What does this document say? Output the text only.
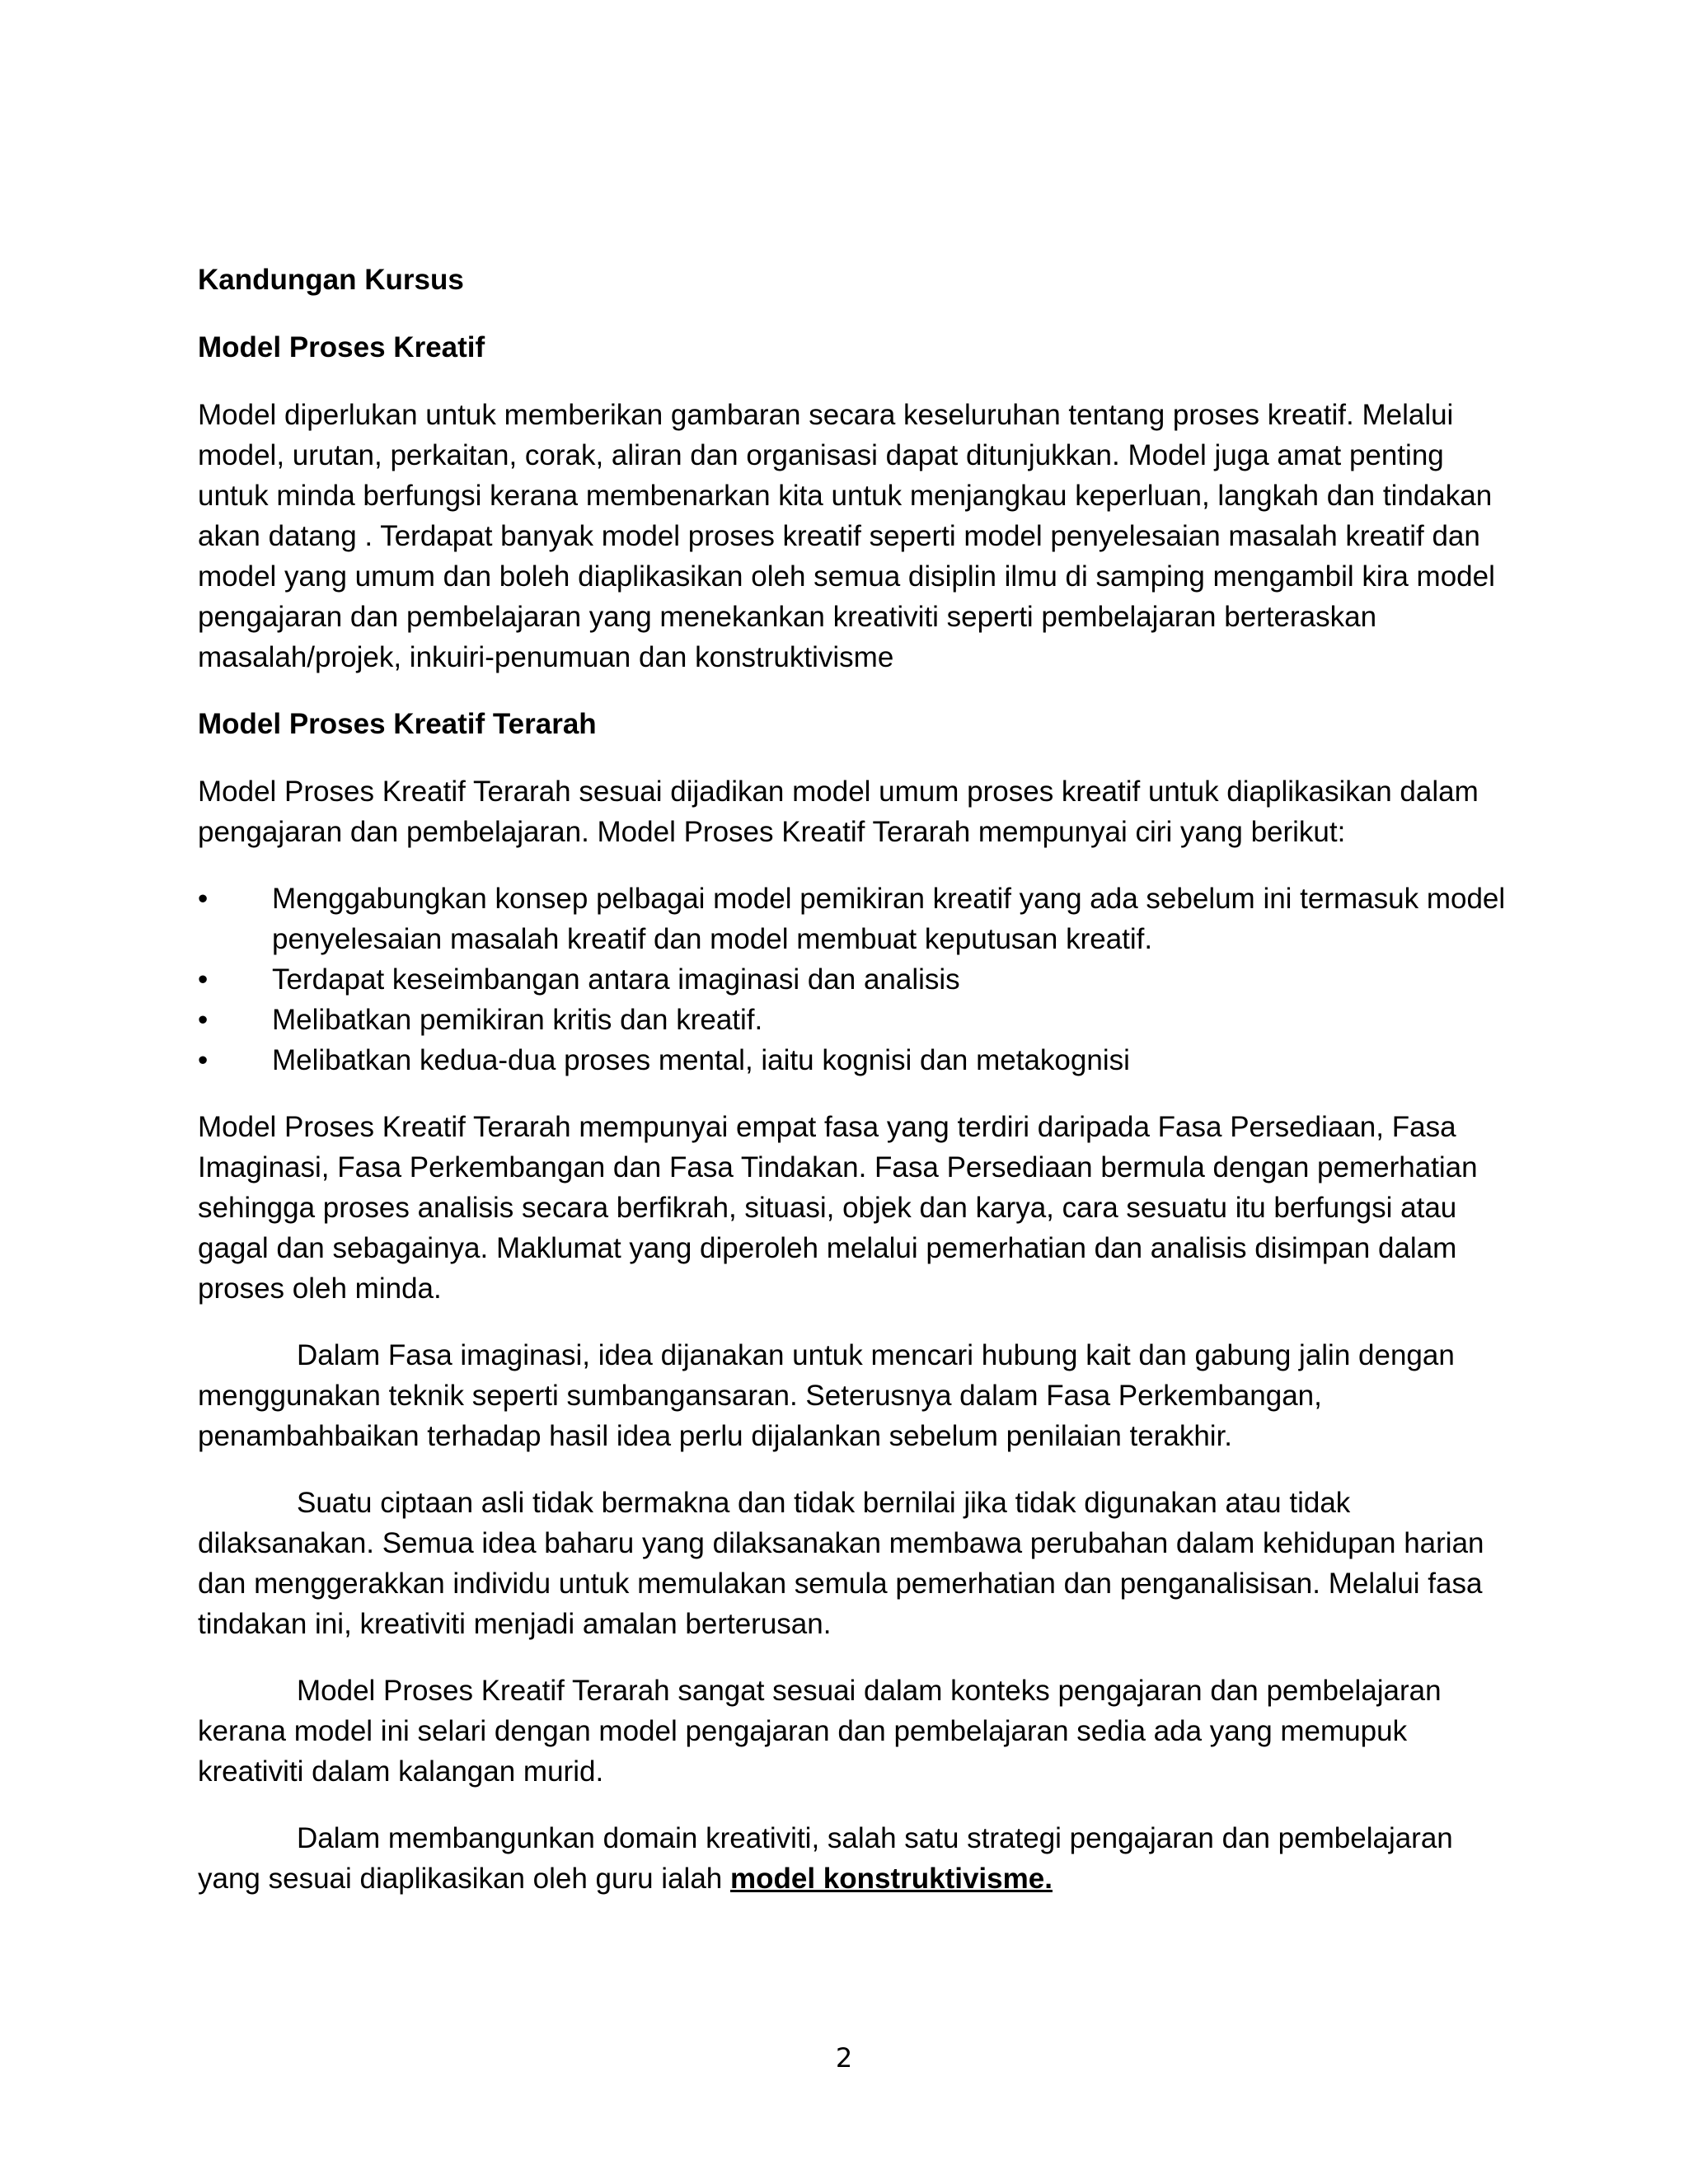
Kandungan Kursus
Model Proses Kreatif
Model diperlukan untuk memberikan gambaran secara keseluruhan tentang proses kreatif. Melalui model, urutan, perkaitan, corak, aliran dan organisasi dapat ditunjukkan. Model juga amat penting untuk minda berfungsi kerana membenarkan kita untuk menjangkau keperluan, langkah dan tindakan akan datang . Terdapat banyak model proses kreatif seperti model penyelesaian masalah kreatif dan model yang umum dan boleh diaplikasikan oleh semua disiplin ilmu di samping mengambil kira model pengajaran dan pembelajaran yang menekankan kreativiti seperti pembelajaran berteraskan masalah/projek, inkuiri-penumuan dan konstruktivisme
Model Proses Kreatif Terarah
Model Proses Kreatif Terarah sesuai dijadikan model umum proses kreatif untuk diaplikasikan dalam pengajaran dan pembelajaran. Model Proses Kreatif Terarah mempunyai ciri yang berikut:
•	Menggabungkan konsep pelbagai model pemikiran kreatif yang ada sebelum ini termasuk model penyelesaian masalah kreatif dan model membuat keputusan kreatif.
•	Terdapat keseimbangan antara imaginasi dan analisis
•	Melibatkan pemikiran kritis dan kreatif.
•	Melibatkan kedua-dua proses mental, iaitu kognisi dan metakognisi
Model Proses Kreatif Terarah mempunyai empat fasa yang terdiri daripada Fasa Persediaan, Fasa Imaginasi, Fasa Perkembangan dan Fasa Tindakan. Fasa Persediaan bermula dengan pemerhatian sehingga proses analisis secara berfikrah, situasi, objek dan karya, cara sesuatu itu berfungsi atau gagal dan sebagainya. Maklumat yang diperoleh melalui pemerhatian dan analisis disimpan dalam proses oleh minda.
Dalam Fasa imaginasi, idea dijanakan untuk mencari hubung kait dan gabung jalin dengan menggunakan teknik seperti sumbangansaran. Seterusnya dalam Fasa Perkembangan, penambahbaikan terhadap hasil idea perlu dijalankan sebelum penilaian terakhir.
Suatu ciptaan asli tidak bermakna dan tidak bernilai jika tidak digunakan atau tidak dilaksanakan. Semua idea baharu yang dilaksanakan membawa perubahan dalam kehidupan harian dan menggerakkan individu untuk memulakan semula pemerhatian dan penganalisisan. Melalui fasa tindakan ini, kreativiti menjadi amalan berterusan.
Model Proses Kreatif Terarah sangat sesuai dalam konteks pengajaran dan pembelajaran kerana model ini selari dengan model pengajaran dan pembelajaran sedia ada yang memupuk kreativiti dalam kalangan murid.
Dalam membangunkan domain kreativiti, salah satu strategi pengajaran dan pembelajaran yang sesuai diaplikasikan oleh guru ialah model konstruktivisme.
2
